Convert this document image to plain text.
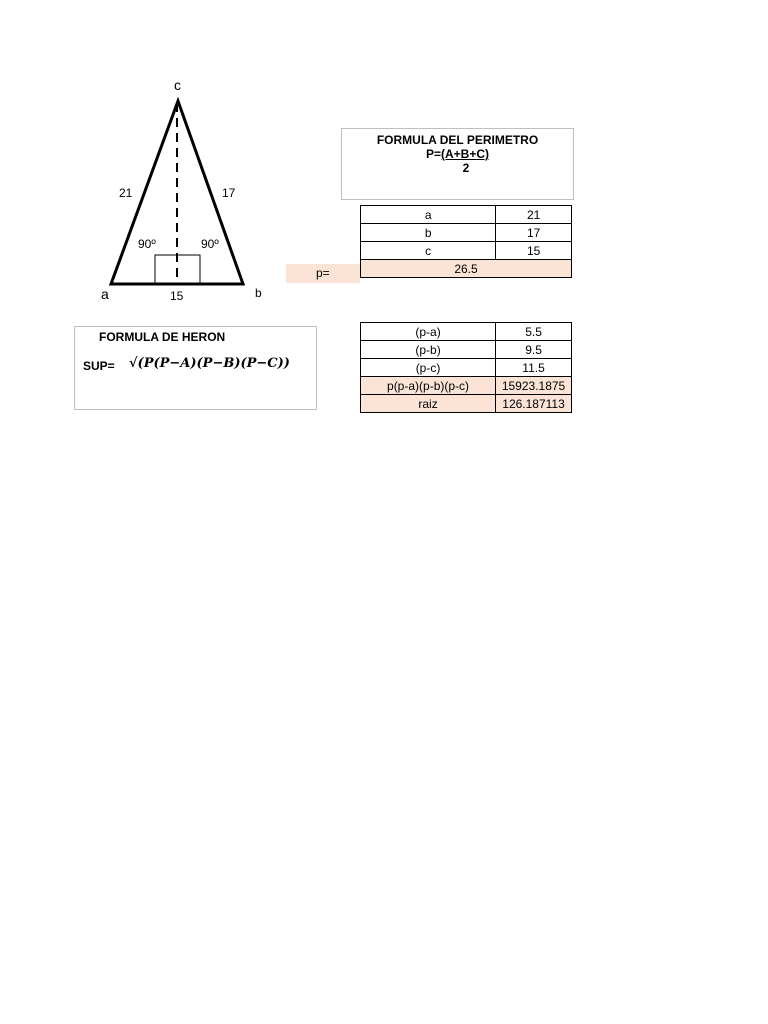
c
a	b
21	17
15
90º	90º
FORMULA DEL PERIMETRO
P=(A+B+C)
2
a	21
b	17
c	15
26.5	
p=
FORMULA DE HERON
SUP= √(P(P−A)(P−B)(P−C))
(p-a)	5.5
(p-b)	9.5
(p-c)	11.5
p(p-a)(p-b)(p-c)	15923.1875
raiz	126.187113
